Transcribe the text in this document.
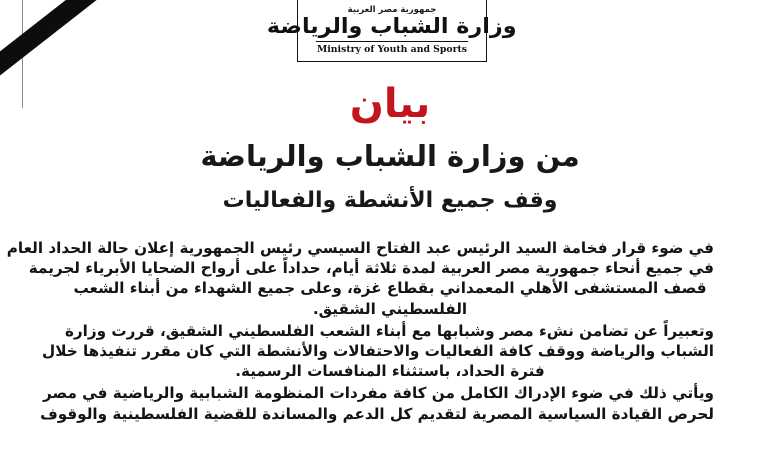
جمهورية مصر العربية
وزارة الشباب والرياضة
Ministry of Youth and Sports
بيان
من وزارة الشباب والرياضة
وقف جميع الأنشطة والفعاليات

في ضوء قرار فخامة السيد الرئيس عبد الفتاح السيسي رئيس الجمهورية إعلان حالة الحداد العام
في جميع أنحاء جمهورية مصر العربية لمدة ثلاثة أيام، حداداً على أرواح الضحايا الأبرياء لجريمة
قصف المستشفى الأهلي المعمداني بقطاع غزة، وعلى جميع الشهداء من أبناء الشعب
الفلسطيني الشقيق.

وتعبيراً عن تضامن نشء مصر وشبابها مع أبناء الشعب الفلسطيني الشقيق، قررت وزارة
الشباب والرياضة ووقف كافة الفعاليات والاحتفالات والأنشطة التي كان مقرر تنفيذها خلال
فترة الحداد، باستثناء المنافسات الرسمية.

ويأتي ذلك في ضوء الإدراك الكامل من كافة مفردات المنظومة الشبابية والرياضية في مصر
لحرص القيادة السياسية المصرية لتقديم كل الدعم والمساندة للقضية الفلسطينية والوقوف
